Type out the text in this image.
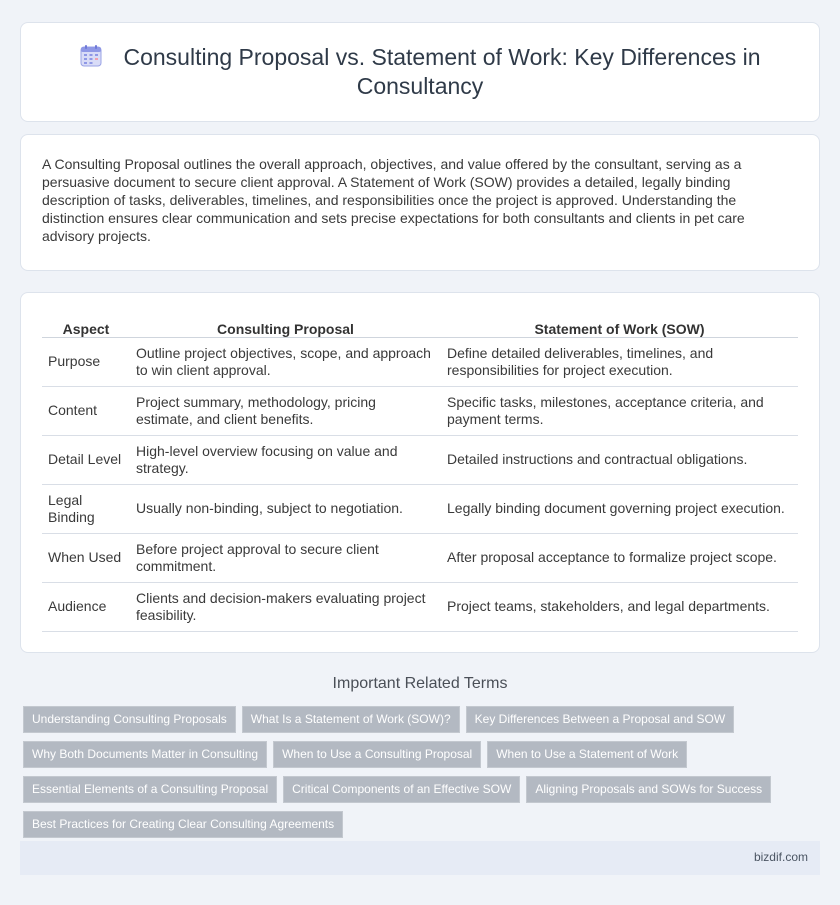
Consulting Proposal vs. Statement of Work: Key Differences in Consultancy

A Consulting Proposal outlines the overall approach, objectives, and value offered by the consultant, serving as a persuasive document to secure client approval. A Statement of Work (SOW) provides a detailed, legally binding description of tasks, deliverables, timelines, and responsibilities once the project is approved. Understanding the distinction ensures clear communication and sets precise expectations for both consultants and clients in pet care advisory projects.

Aspect	Consulting Proposal	Statement of Work (SOW)
Purpose	Outline project objectives, scope, and approach to win client approval.	Define detailed deliverables, timelines, and responsibilities for project execution.
Content	Project summary, methodology, pricing estimate, and client benefits.	Specific tasks, milestones, acceptance criteria, and payment terms.
Detail Level	High-level overview focusing on value and strategy.	Detailed instructions and contractual obligations.
Legal Binding	Usually non-binding, subject to negotiation.	Legally binding document governing project execution.
When Used	Before project approval to secure client commitment.	After proposal acceptance to formalize project scope.
Audience	Clients and decision-makers evaluating project feasibility.	Project teams, stakeholders, and legal departments.
Important Related Terms
Understanding Consulting Proposals	What Is a Statement of Work (SOW)?	Key Differences Between a Proposal and SOW
Why Both Documents Matter in Consulting	When to Use a Consulting Proposal	When to Use a Statement of Work
Essential Elements of a Consulting Proposal	Critical Components of an Effective SOW	Aligning Proposals and SOWs for Success
Best Practices for Creating Clear Consulting Agreements
bizdif.com
